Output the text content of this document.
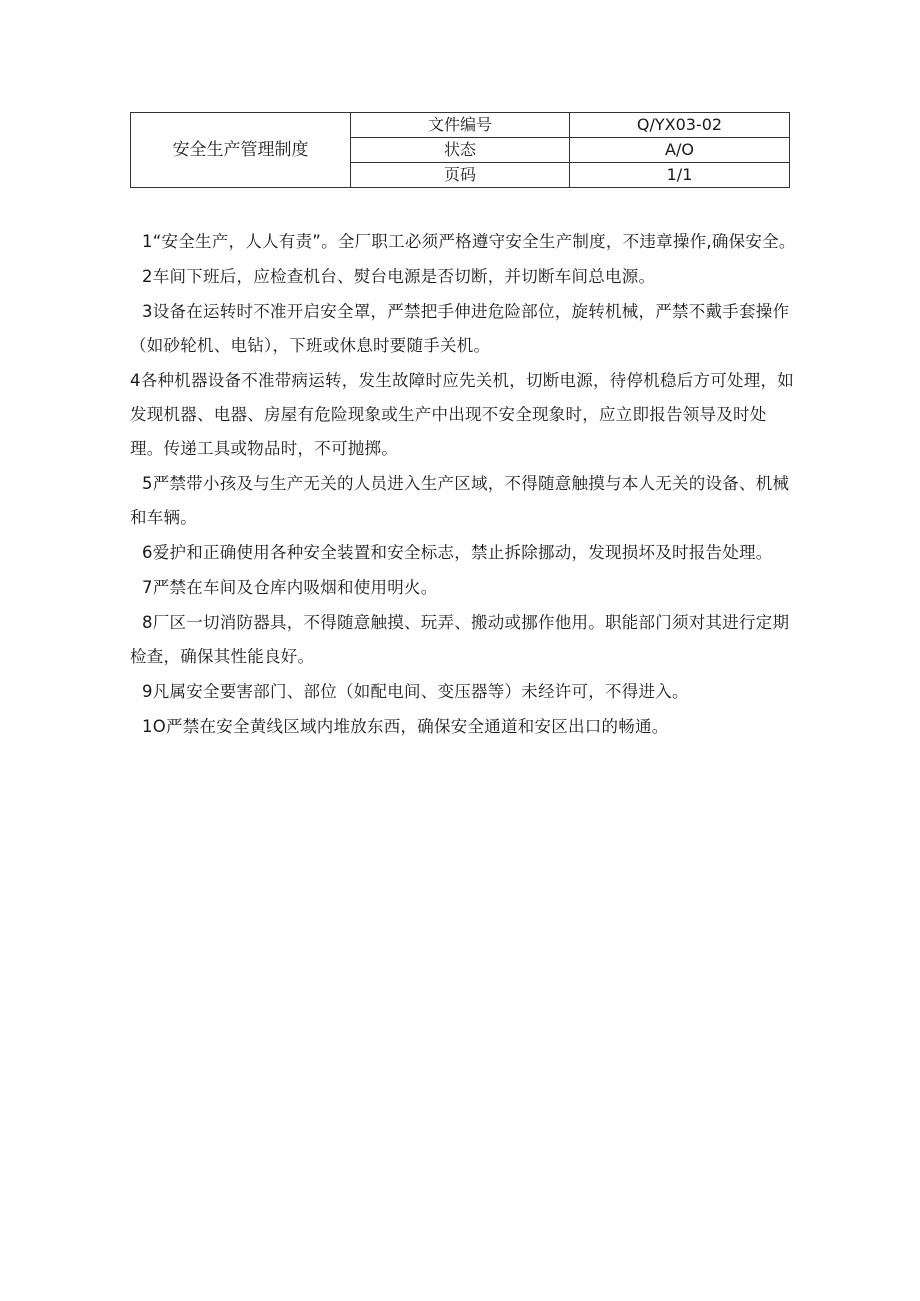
安全生产管理制度	文件编号	Q/YX03-02
	状态	A/O
	页码	1/1

1“安全生产，人人有责”。全厂职工必须严格遵守安全生产制度，不违章操作,确保安全。

2车间下班后，应检查机台、熨台电源是否切断，并切断车间总电源。

3设备在运转时不准开启安全罩，严禁把手伸进危险部位，旋转机械，严禁不戴手套操作（如砂轮机、电钻），下班或休息时要随手关机。

4各种机器设备不准带病运转，发生故障时应先关机，切断电源，待停机稳后方可处理，如发现机器、电器、房屋有危险现象或生产中出现不安全现象时，应立即报告领导及时处理。传递工具或物品时，不可抛掷。

5严禁带小孩及与生产无关的人员进入生产区域，不得随意触摸与本人无关的设备、机械和车辆。

6爱护和正确使用各种安全装置和安全标志，禁止拆除挪动，发现损坏及时报告处理。

7严禁在车间及仓库内吸烟和使用明火。

8厂区一切消防器具，不得随意触摸、玩弄、搬动或挪作他用。职能部门须对其进行定期检查，确保其性能良好。

9凡属安全要害部门、部位（如配电间、变压器等）未经许可，不得进入。

1O严禁在安全黄线区域内堆放东西，确保安全通道和安区出口的畅通。
